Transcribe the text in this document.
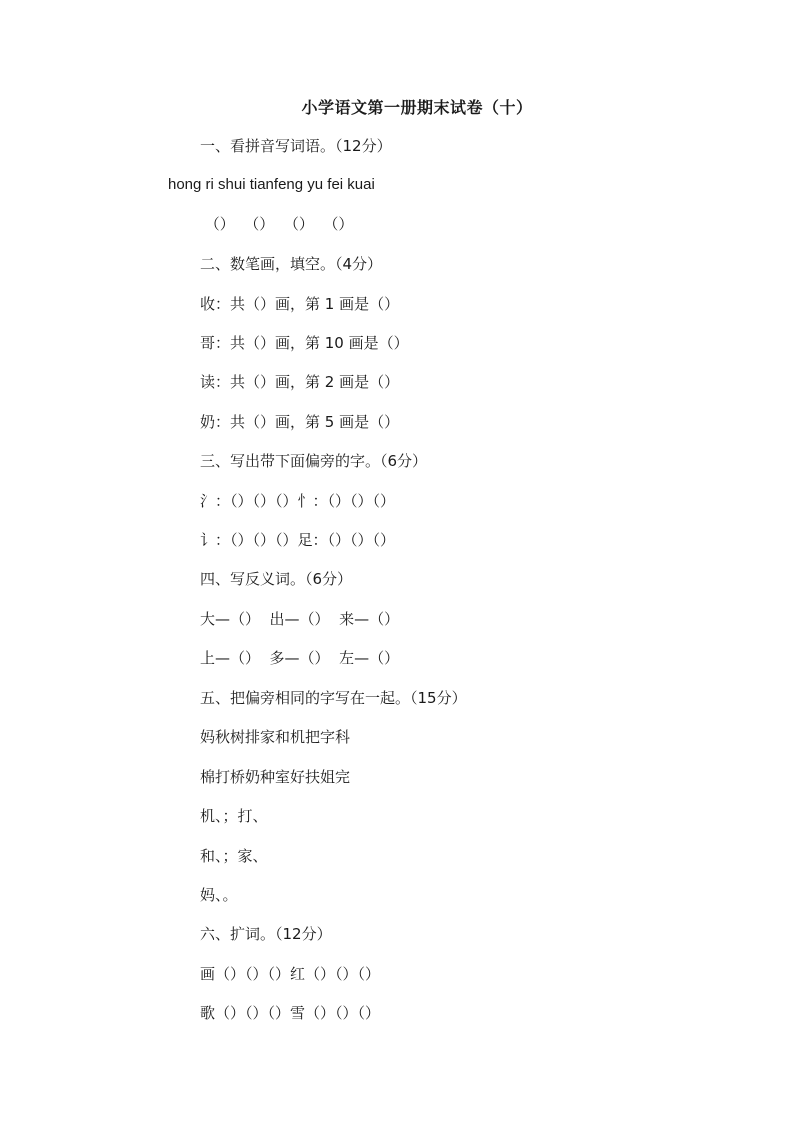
小学语文第一册期末试卷（十）
一、看拼音写词语。（12分）
hong ri shui tianfeng yu fei kuai
（）  （）  （）  （）
二、数笔画，填空。（4分）
收：共（）画，第 1 画是（）
哥：共（）画，第 10 画是（）
读：共（）画，第 2 画是（）
奶：共（）画，第 5 画是（）
三、写出带下面偏旁的字。（6分）
氵：（）（）（）忄：（）（）（）
讠：（）（）（）足：（）（）（）
四、写反义词。（6分）
大—（）  出—（）  来—（）
上—（）  多—（）  左—（）
五、把偏旁相同的字写在一起。（15分）
妈秋树排家和机把字科
棉打桥奶种室好扶姐完
机、；打、
和、；家、
妈、。
六、扩词。（12分）
画（）（）（）红（）（）（）
歌（）（）（）雪（）（）（）
